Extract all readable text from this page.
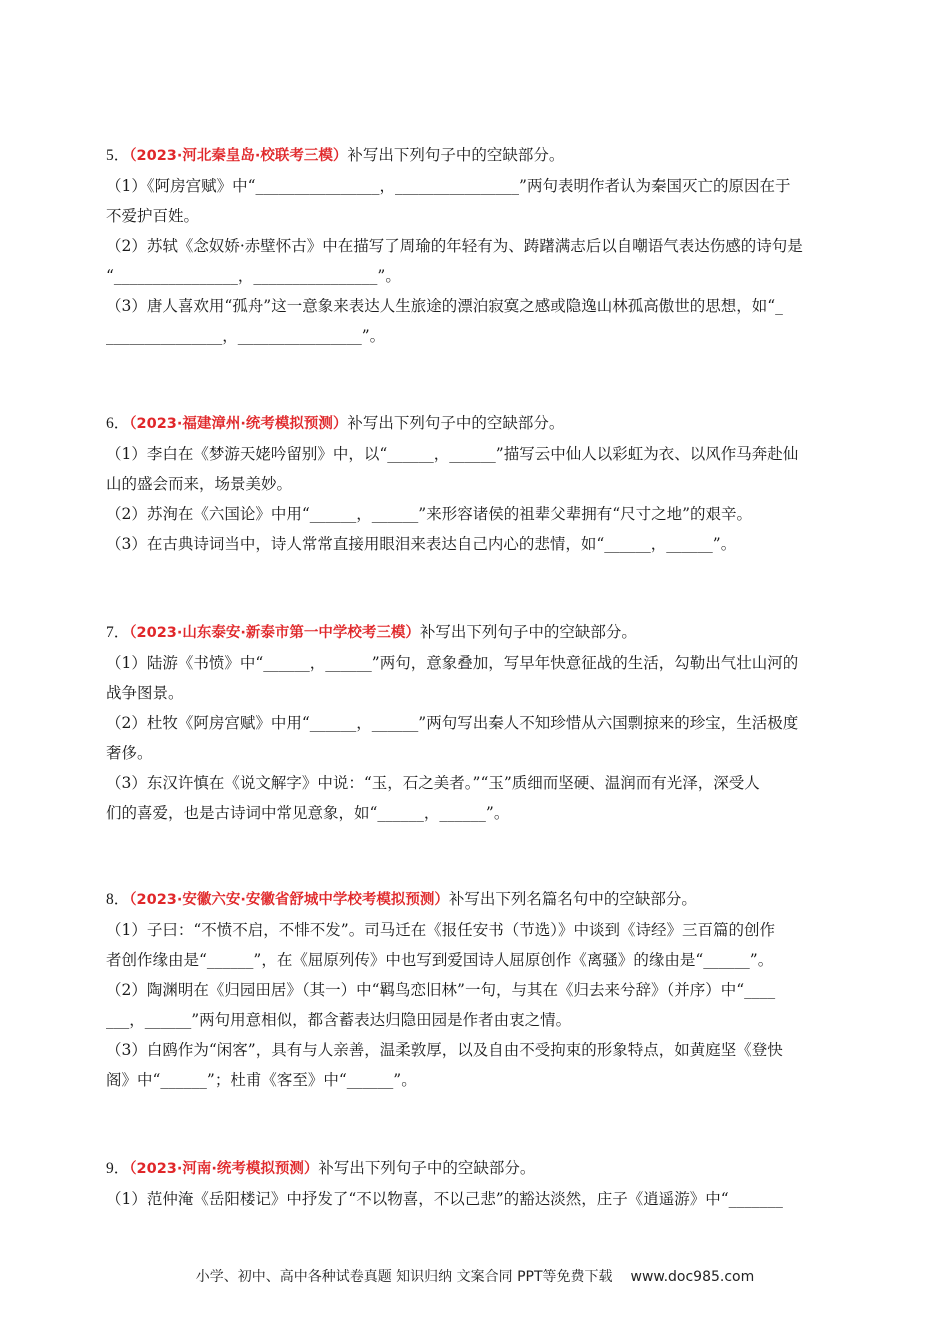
5．（2023·河北秦皇岛·校联考三模）补写出下列句子中的空缺部分。
（1）《阿房宫赋》中“________________，________________”两句表明作者认为秦国灭亡的原因在于
不爱护百姓。
（2）苏轼《念奴娇·赤壁怀古》中在描写了周瑜的年轻有为、踌躇满志后以自嘲语气表达伤感的诗句是
“________________，________________”。
（3）唐人喜欢用“孤舟”这一意象来表达人生旅途的漂泊寂寞之感或隐逸山林孤高傲世的思想，如“_
_______________，________________”。
6．（2023·福建漳州·统考模拟预测）补写出下列句子中的空缺部分。
（1）李白在《梦游天姥吟留别》中，以“______，______”描写云中仙人以彩虹为衣、以风作马奔赴仙
山的盛会而来，场景美妙。
（2）苏洵在《六国论》中用“______，______”来形容诸侯的祖辈父辈拥有“尺寸之地”的艰辛。
（3）在古典诗词当中，诗人常常直接用眼泪来表达自己内心的悲情，如“______，______”。
7．（2023·山东泰安·新泰市第一中学校考三模）补写出下列句子中的空缺部分。
（1）陆游《书愤》中“______，______”两句，意象叠加，写早年快意征战的生活，勾勒出气壮山河的
战争图景。
（2）杜牧《阿房宫赋》中用“______，______”两句写出秦人不知珍惜从六国剽掠来的珍宝，生活极度
奢侈。
（3）东汉许慎在《说文解字》中说：“玉，石之美者。”“玉”质细而坚硬、温润而有光泽，深受人
们的喜爱，也是古诗词中常见意象，如“______，______”。
8．（2023·安徽六安·安徽省舒城中学校考模拟预测）补写出下列名篇名句中的空缺部分。
（1）子曰：“不愤不启，不悱不发”。司马迁在《报任安书（节选）》中谈到《诗经》三百篇的创作
者创作缘由是“______”，在《屈原列传》中也写到爱国诗人屈原创作《离骚》的缘由是“______”。
（2）陶渊明在《归园田居》（其一）中“羁鸟恋旧林”一句，与其在《归去来兮辞》（并序）中“____
___，______”两句用意相似，都含蓄表达归隐田园是作者由衷之情。
（3）白鸥作为“闲客”，具有与人亲善，温柔敦厚，以及自由不受拘束的形象特点，如黄庭坚《登快
阁》中“______”；杜甫《客至》中“______”。
9．（2023·河南·统考模拟预测）补写出下列句子中的空缺部分。
（1）范仲淹《岳阳楼记》中抒发了“不以物喜，不以己悲”的豁达淡然，庄子《逍遥游》中“_______
小学、初中、高中各种试卷真题 知识归纳 文案合同 PPT等免费下载 www.doc985.com
